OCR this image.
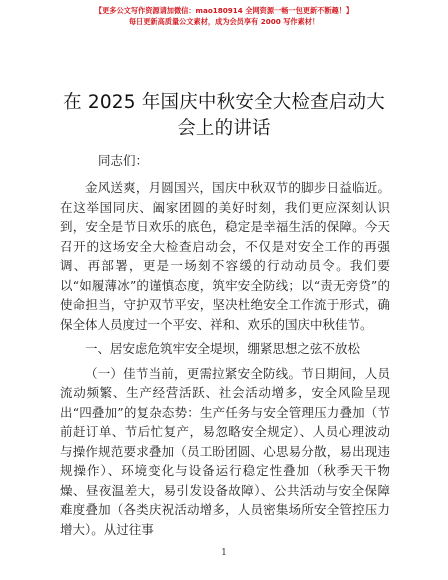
【更多公文写作资源请加微信：mao180914 全网资源一畅一包更新不断趣！】
每日更新高质量公文素材，成为会员享有 2000 写作素材！
在 2025 年国庆中秋安全大检查启动大会上的讲话
同志们：

金风送爽，月圆国兴，国庆中秋双节的脚步日益临近。在这举国同庆、阖家团圆的美好时刻，我们更应深刻认识到，安全是节日欢乐的底色，稳定是幸福生活的保障。今天召开的这场安全大检查启动会，不仅是对安全工作的再强调、再部署，更是一场刻不容缓的行动动员令。我们要以“如履薄冰”的谨慎态度，筑牢安全防线；以“责无旁贷”的使命担当，守护双节平安，坚决杜绝安全工作流于形式，确保全体人员度过一个平安、祥和、欢乐的国庆中秋佳节。

一、居安虑危筑牢安全堤坝，绷紧思想之弦不放松

（一）佳节当前，更需拉紧安全防线。节日期间，人员流动频繁、生产经营活跃、社会活动增多，安全风险呈现出“四叠加”的复杂态势：生产任务与安全管理压力叠加（节前赶订单、节后忙复产，易忽略安全规定）、人员心理波动与操作规范要求叠加（员工盼团圆、心思易分散，易出现违规操作）、环境变化与设备运行稳定性叠加（秋季天干物燥、昼夜温差大，易引发设备故障）、公共活动与安全保障难度叠加（各类庆祝活动增多，人员密集场所安全管控压力增大）。从过往事

1
